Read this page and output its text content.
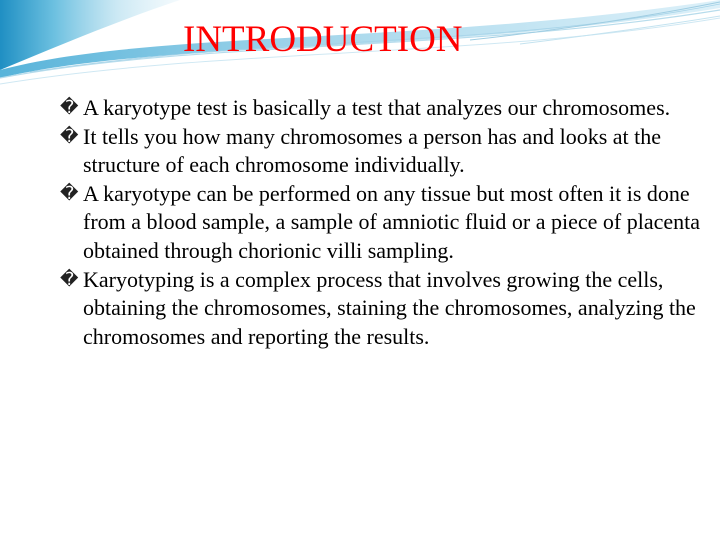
INTRODUCTION
� A karyotype test is basically a test that analyzes our chromosomes.
� It tells you how many chromosomes a person has and looks at the structure of each chromosome individually.
� A karyotype can be performed on any tissue but most often it is done from a blood sample, a sample of amniotic fluid or a piece of placenta obtained through chorionic villi sampling.
� Karyotyping is a complex process that involves growing the cells, obtaining the chromosomes, staining the chromosomes, analyzing the chromosomes and reporting the results.
